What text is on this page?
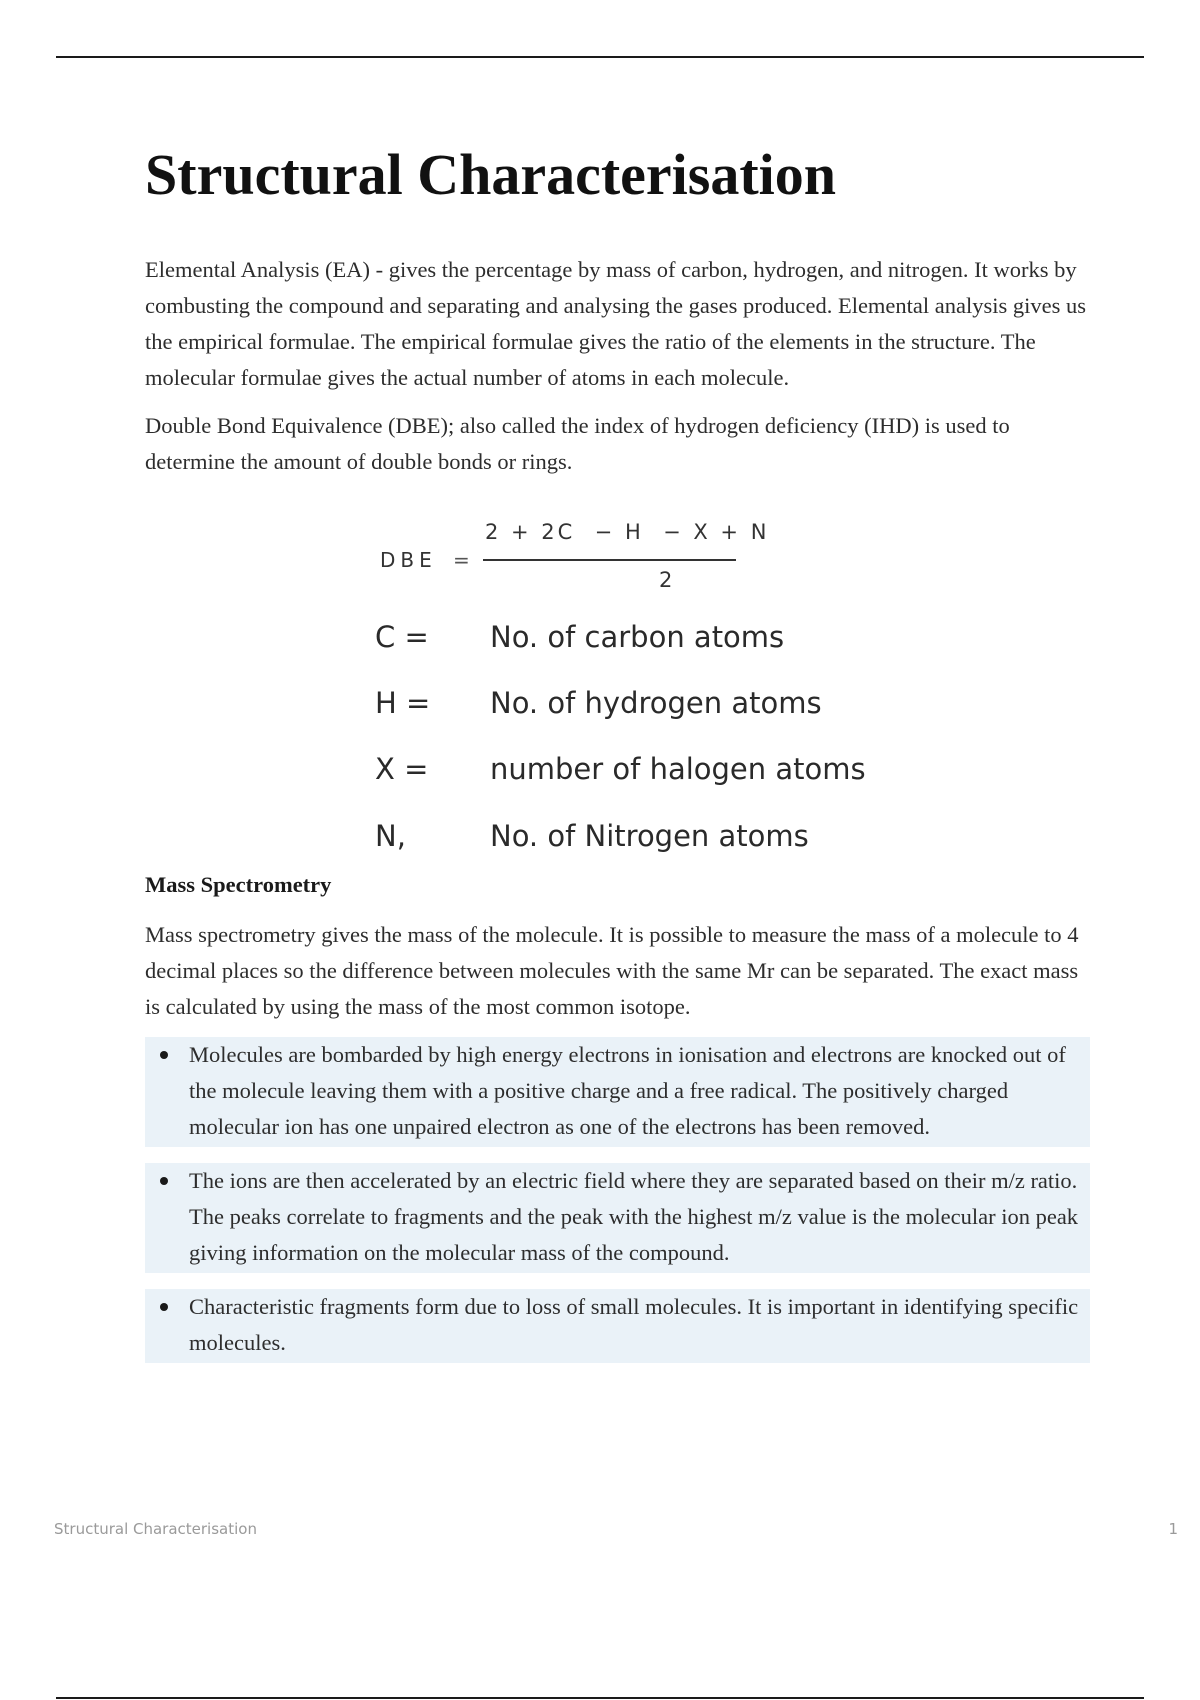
Structural Characterisation

Elemental Analysis (EA) - gives the percentage by mass of carbon, hydrogen, and nitrogen. It works by combusting the compound and separating and analysing the gases produced. Elemental analysis gives us the empirical formulae. The empirical formulae gives the ratio of the elements in the structure. The molecular formulae gives the actual number of atoms in each molecule.

Double Bond Equivalence (DBE); also called the index of hydrogen deficiency (IHD) is used to determine the amount of double bonds or rings.

DBE =
2 + 2C  − H  − X + N
2
C = No. of carbon atoms
H = No. of hydrogen atoms
X = number of halogen atoms
N,	No. of Nitrogen atoms
Mass Spectrometry

Mass spectrometry gives the mass of the molecule. It is possible to measure the mass of a molecule to 4 decimal places so the difference between molecules with the same Mr can be separated. The exact mass is calculated by using the mass of the most common isotope.

Molecules are bombarded by high energy electrons in ionisation and electrons are knocked out of the molecule leaving them with a positive charge and a free radical. The positively charged molecular ion has one unpaired electron as one of the electrons has been removed.
The ions are then accelerated by an electric field where they are separated based on their m/z ratio. The peaks correlate to fragments and the peak with the highest m/z value is the molecular ion peak giving information on the molecular mass of the compound.
Characteristic fragments form due to loss of small molecules. It is important in identifying specific molecules.
Structural Characterisation	1
